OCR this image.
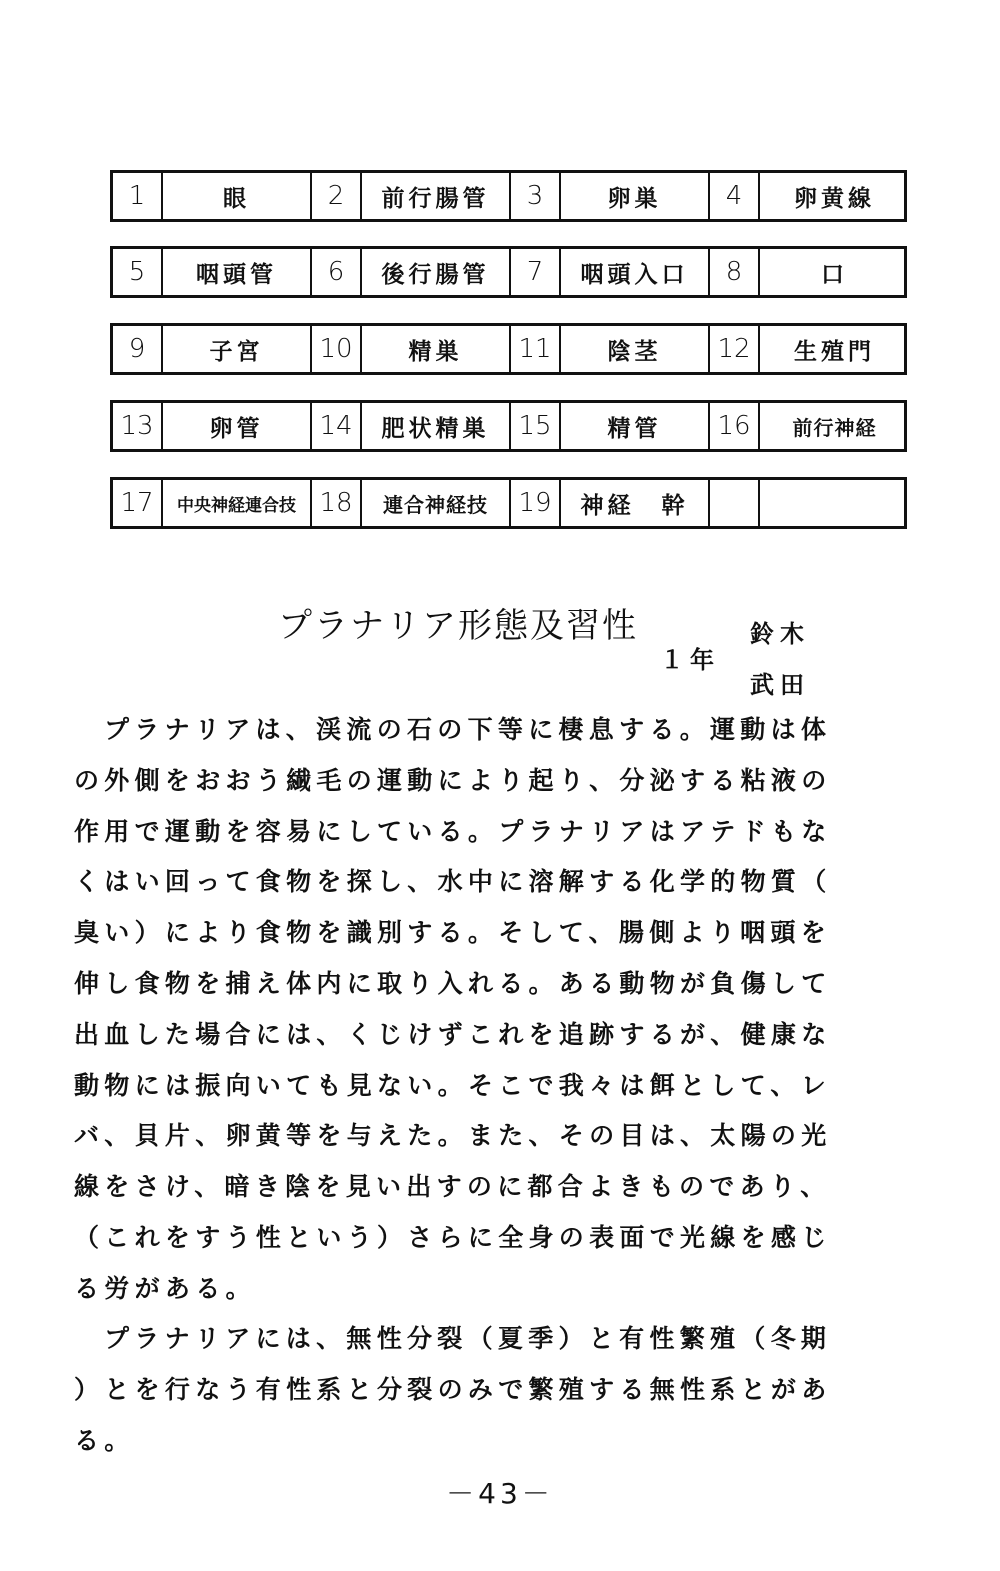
1	眼	2	前行腸管	3	卵巣	4	卵黄線
5	咽頭管	6	後行腸管	7	咽頭入口	8	口
9	子宮	10	精巣	11	陰茎	12	生殖門
13	卵管	14	肥状精巣	15	精管	16	前行神経
17	中央神経連合技 18	連合神経技	19	神経　幹
プラナリア形態及習性
１年
鈴木
武田

プラナリアは、渓流の石の下等に棲息する。運動は体

の外側をおおう繊毛の運動により起り、分泌する粘液の

作用で運動を容易にしている。プラナリアはアテドもな

くはい回って食物を探し、水中に溶解する化学的物質（

臭い）により食物を識別する。そして、腸側より咽頭を

伸し食物を捕え体内に取り入れる。ある動物が負傷して

出血した場合には、くじけずこれを追跡するが、健康な

動物には振向いても見ない。そこで我々は餌として、レ

バ、貝片、卵黄等を与えた。また、その目は、太陽の光

線をさけ、暗き陰を見い出すのに都合よきものであり、

（これをすう性という）さらに全身の表面で光線を感じ

る労がある。

プラナリアには、無性分裂（夏季）と有性繁殖（冬期

）とを行なう有性系と分裂のみで繁殖する無性系とがあ

る。

－43－
